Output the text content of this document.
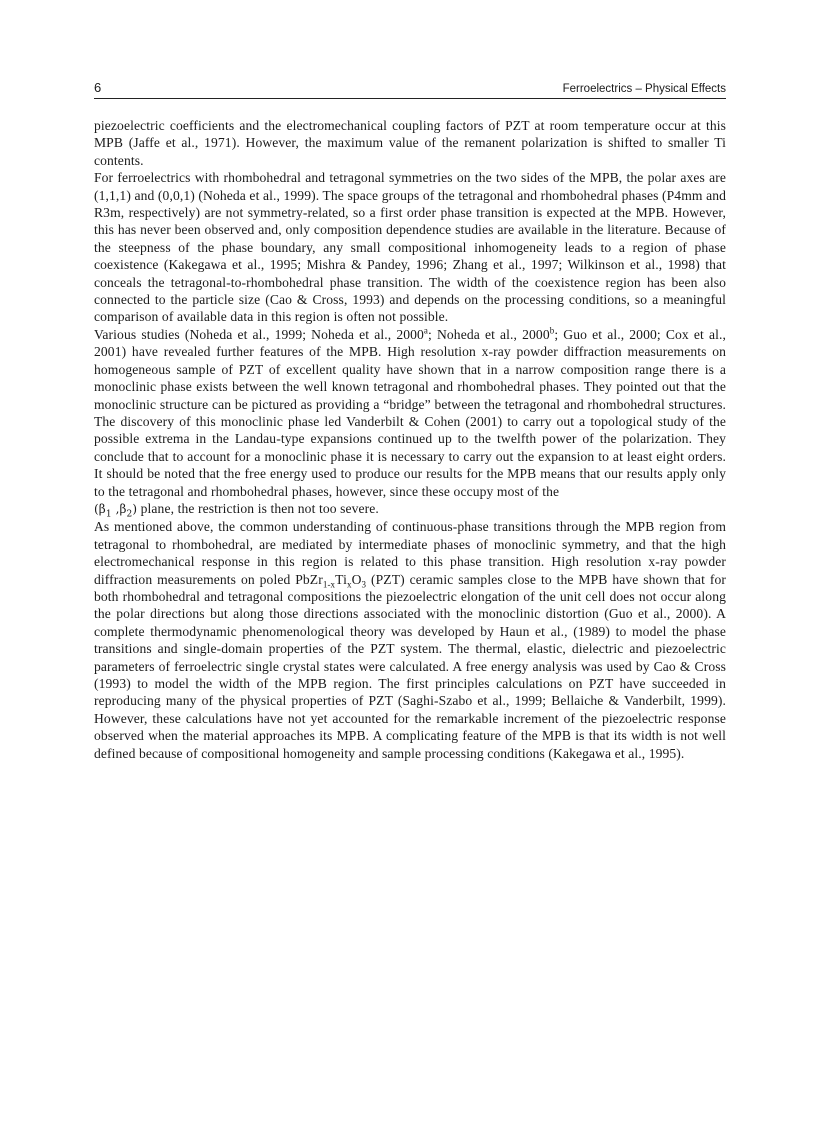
6	Ferroelectrics – Physical Effects

piezoelectric coefficients and the electromechanical coupling factors of PZT at room temperature occur at this MPB (Jaffe et al., 1971). However, the maximum value of the remanent polarization is shifted to smaller Ti contents.

For ferroelectrics with rhombohedral and tetragonal symmetries on the two sides of the MPB, the polar axes are (1,1,1) and (0,0,1) (Noheda et al., 1999). The space groups of the tetragonal and rhombohedral phases (P4mm and R3m, respectively) are not symmetry-related, so a first order phase transition is expected at the MPB. However, this has never been observed and, only composition dependence studies are available in the literature. Because of the steepness of the phase boundary, any small compositional inhomogeneity leads to a region of phase coexistence (Kakegawa et al., 1995; Mishra & Pandey, 1996; Zhang et al., 1997; Wilkinson et al., 1998) that conceals the tetragonal-to-rhombohedral phase transition. The width of the coexistence region has been also connected to the particle size (Cao & Cross, 1993) and depends on the processing conditions, so a meaningful comparison of available data in this region is often not possible.

Various studies (Noheda et al., 1999; Noheda et al., 2000$^a$; Noheda et al., 2000$^b$; Guo et al., 2000; Cox et al., 2001) have revealed further features of the MPB. High resolution x-ray powder diffraction measurements on homogeneous sample of PZT of excellent quality have shown that in a narrow composition range there is a monoclinic phase exists between the well known tetragonal and rhombohedral phases. They pointed out that the monoclinic structure can be pictured as providing a “bridge” between the tetragonal and rhombohedral structures. The discovery of this monoclinic phase led Vanderbilt & Cohen (2001) to carry out a topological study of the possible extrema in the Landau-type expansions continued up to the twelfth power of the polarization. They conclude that to account for a monoclinic phase it is necessary to carry out the expansion to at least eight orders. It should be noted that the free energy used to produce our results for the MPB means that our results apply only to the tetragonal and rhombohedral phases, however, since these occupy most of the
($\beta_1$ $,\beta_2$) plane, the restriction is then not too severe.

As mentioned above, the common understanding of continuous-phase transitions through the MPB region from tetragonal to rhombohedral, are mediated by intermediate phases of monoclinic symmetry, and that the high electromechanical response in this region is related to this phase transition. High resolution x-ray powder diffraction measurements on poled $PbZr_{1-x}Ti_xO_3$ (PZT) ceramic samples close to the MPB have shown that for both rhombohedral and tetragonal compositions the piezoelectric elongation of the unit cell does not occur along the polar directions but along those directions associated with the monoclinic distortion (Guo et al., 2000). A complete thermodynamic phenomenological theory was developed by Haun et al., (1989) to model the phase transitions and single-domain properties of the PZT system. The thermal, elastic, dielectric and piezoelectric parameters of ferroelectric single crystal states were calculated. A free energy analysis was used by Cao & Cross (1993) to model the width of the MPB region. The first principles calculations on PZT have succeeded in reproducing many of the physical properties of PZT (Saghi-Szabo et al., 1999; Bellaiche & Vanderbilt, 1999). However, these calculations have not yet accounted for the remarkable increment of the piezoelectric response observed when the material approaches its MPB. A complicating feature of the MPB is that its width is not well defined because of compositional homogeneity and sample processing conditions (Kakegawa et al., 1995).
